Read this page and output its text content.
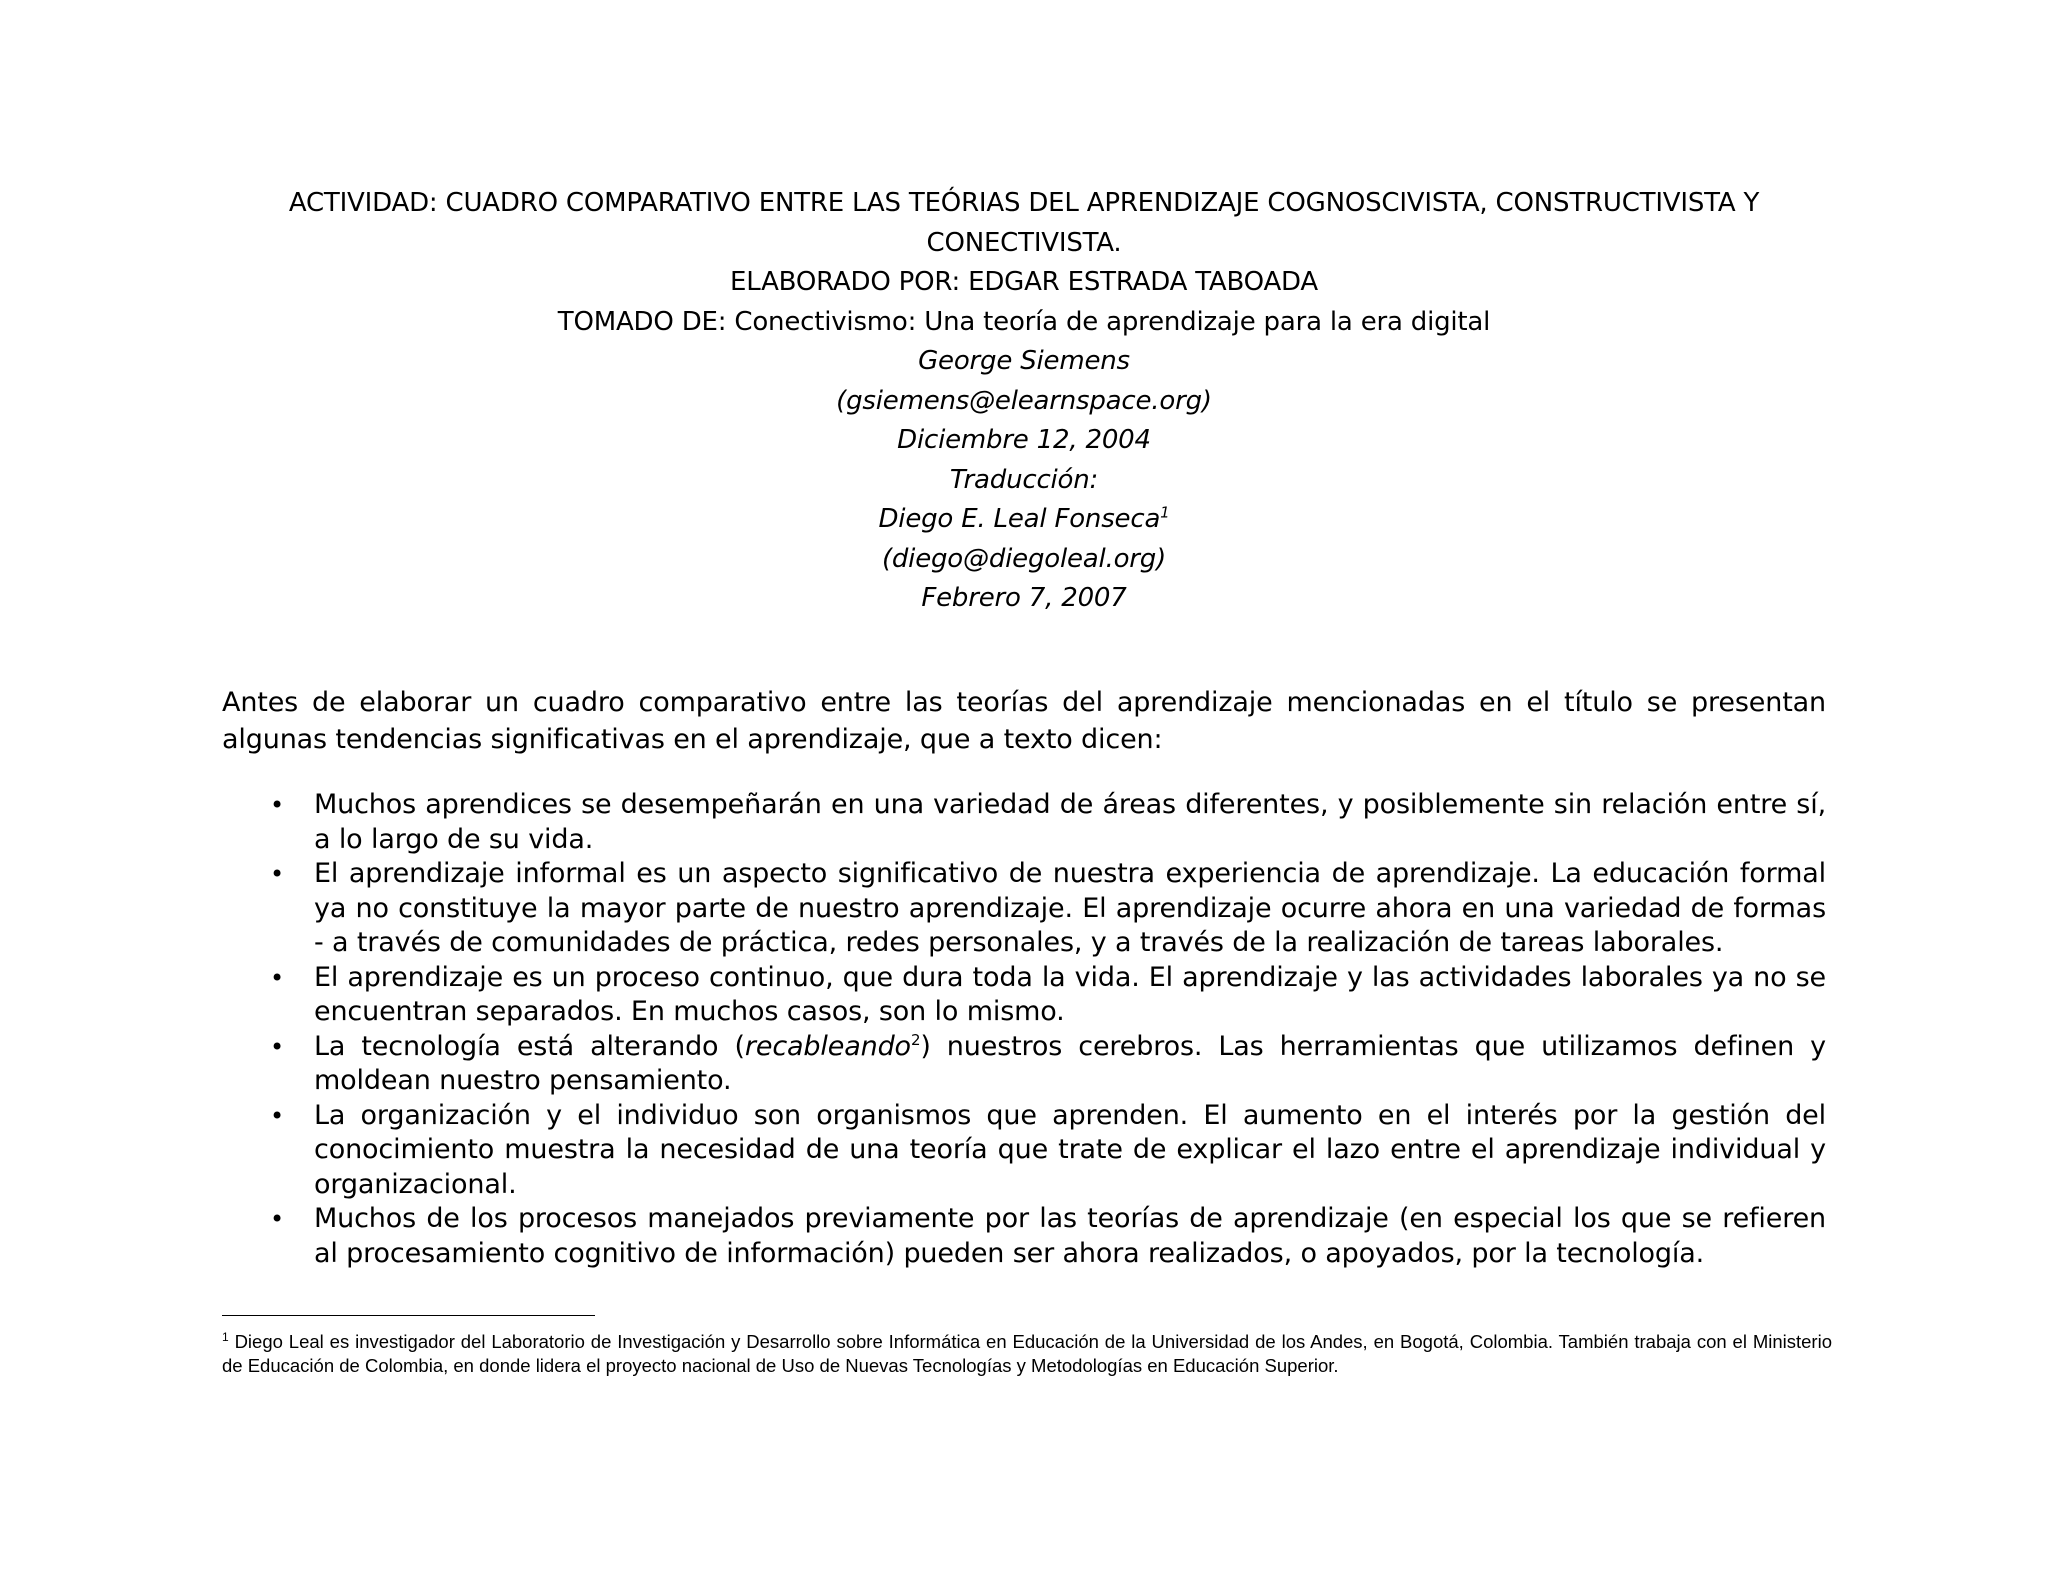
ACTIVIDAD: CUADRO COMPARATIVO ENTRE LAS TEÓRIAS DEL APRENDIZAJE COGNOSCIVISTA, CONSTRUCTIVISTA Y CONECTIVISTA.
ELABORADO POR: EDGAR ESTRADA TABOADA
TOMADO DE: Conectivismo: Una teoría de aprendizaje para la era digital
George Siemens
(gsiemens@elearnspace.org)
Diciembre 12, 2004
Traducción:
Diego E. Leal Fonseca$^1$
(diego@diegoleal.org)
Febrero 7, 2007

Antes de elaborar un cuadro comparativo entre las teorías del aprendizaje mencionadas en el título se presentan algunas tendencias significativas en el aprendizaje, que a texto dicen:

• Muchos aprendices se desempeñarán en una variedad de áreas diferentes, y posiblemente sin relación entre sí, a lo largo de su vida.
• El aprendizaje informal es un aspecto significativo de nuestra experiencia de aprendizaje. La educación formal ya no constituye la mayor parte de nuestro aprendizaje. El aprendizaje ocurre ahora en una variedad de formas - a través de comunidades de práctica, redes personales, y a través de la realización de tareas laborales.
• El aprendizaje es un proceso continuo, que dura toda la vida. El aprendizaje y las actividades laborales ya no se encuentran separados. En muchos casos, son lo mismo.
• La tecnología está alterando (recableando$^2$) nuestros cerebros. Las herramientas que utilizamos definen y moldean nuestro pensamiento.
• La organización y el individuo son organismos que aprenden. El aumento en el interés por la gestión del conocimiento muestra la necesidad de una teoría que trate de explicar el lazo entre el aprendizaje individual y organizacional.
• Muchos de los procesos manejados previamente por las teorías de aprendizaje (en especial los que se refieren al procesamiento cognitivo de información) pueden ser ahora realizados, o apoyados, por la tecnología.

$^1$ Diego Leal es investigador del Laboratorio de Investigación y Desarrollo sobre Informática en Educación de la Universidad de los Andes, en Bogotá, Colombia. También trabaja con el Ministerio de Educación de Colombia, en donde lidera el proyecto nacional de Uso de Nuevas Tecnologías y Metodologías en Educación Superior.
